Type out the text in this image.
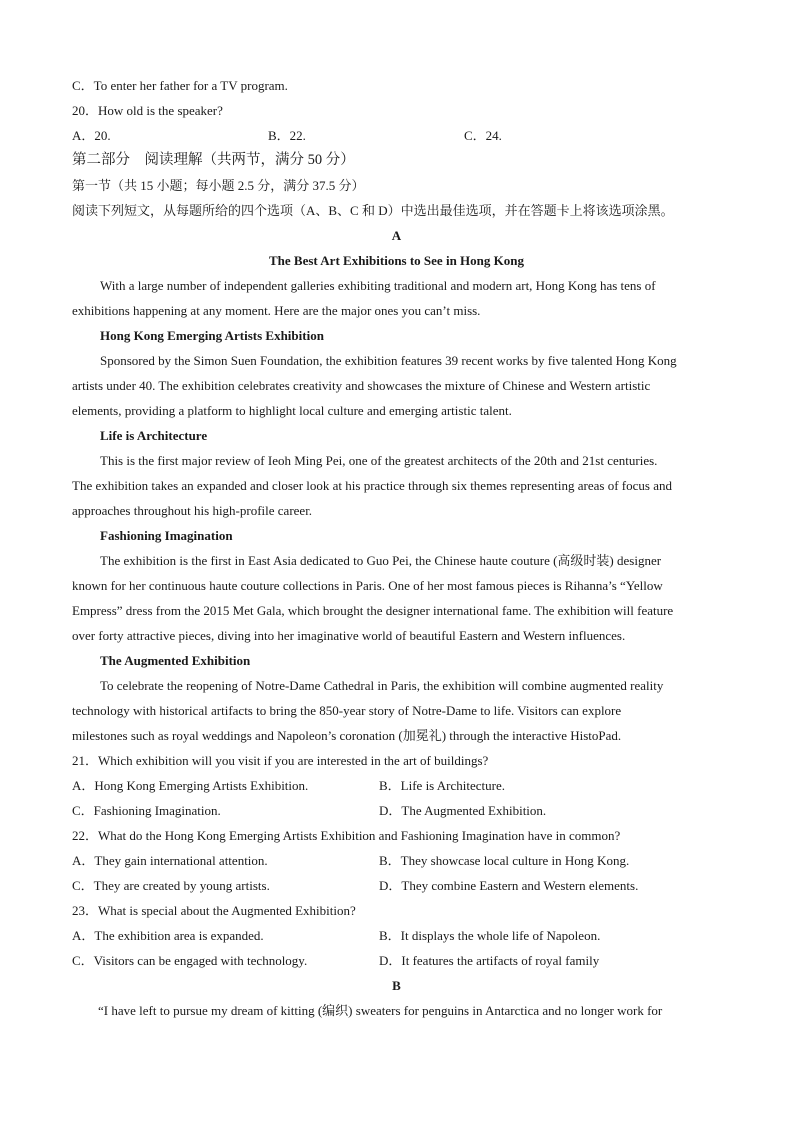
C．To enter her father for a TV program.
20．How old is the speaker?
A．20.	B．22.	C．24.
第二部分　阅读理解（共两节，满分 50 分）
第一节（共 15 小题；每小题 2.5 分，满分 37.5 分）
阅读下列短文，从每题所给的四个选项（A、B、C 和 D）中选出最佳选项，并在答题卡上将该选项涂黑。
A
The Best Art Exhibitions to See in Hong Kong
With a large number of independent galleries exhibiting traditional and modern art, Hong Kong has tens of
exhibitions happening at any moment. Here are the major ones you can’t miss.
Hong Kong Emerging Artists Exhibition
Sponsored by the Simon Suen Foundation, the exhibition features 39 recent works by five talented Hong Kong
artists under 40. The exhibition celebrates creativity and showcases the mixture of Chinese and Western artistic
elements, providing a platform to highlight local culture and emerging artistic talent.
Life is Architecture
This is the first major review of Ieoh Ming Pei, one of the greatest architects of the 20th and 21st centuries.
The exhibition takes an expanded and closer look at his practice through six themes representing areas of focus and
approaches throughout his high-profile career.
Fashioning Imagination
The exhibition is the first in East Asia dedicated to Guo Pei, the Chinese haute couture (高级时装) designer
known for her continuous haute couture collections in Paris. One of her most famous pieces is Rihanna’s “Yellow
Empress” dress from the 2015 Met Gala, which brought the designer international fame. The exhibition will feature
over forty attractive pieces, diving into her imaginative world of beautiful Eastern and Western influences.
The Augmented Exhibition
To celebrate the reopening of Notre-Dame Cathedral in Paris, the exhibition will combine augmented reality
technology with historical artifacts to bring the 850-year story of Notre-Dame to life. Visitors can explore
milestones such as royal weddings and Napoleon’s coronation (加冕礼) through the interactive HistoPad.
21．Which exhibition will you visit if you are interested in the art of buildings?
A．Hong Kong Emerging Artists Exhibition.	B．Life is Architecture.
C．Fashioning Imagination.	D．The Augmented Exhibition.
22．What do the Hong Kong Emerging Artists Exhibition and Fashioning Imagination have in common?
A．They gain international attention.	B．They showcase local culture in Hong Kong.
C．They are created by young artists.	D．They combine Eastern and Western elements.
23．What is special about the Augmented Exhibition?
A．The exhibition area is expanded.	B．It displays the whole life of Napoleon.
C．Visitors can be engaged with technology.	D．It features the artifacts of royal family
B
“I have left to pursue my dream of kitting (编织) sweaters for penguins in Antarctica and no longer work for
